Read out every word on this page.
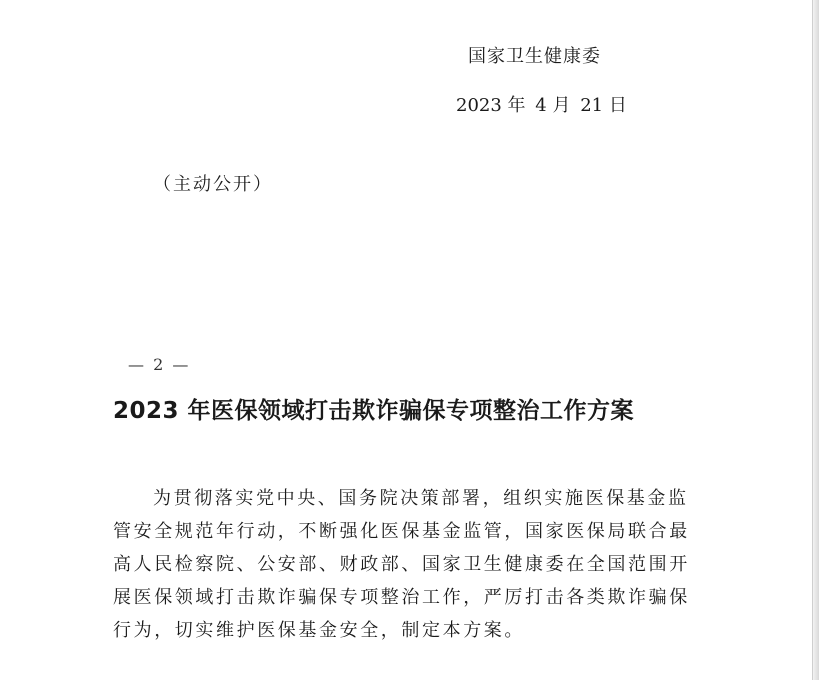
国家卫生健康委
2023 年 4 月 21 日
（主动公开）
— 2 —
2023 年医保领域打击欺诈骗保专项整治工作方案
为贯彻落实党中央、国务院决策部署，组织实施医保基金监
管安全规范年行动，不断强化医保基金监管，国家医保局联合最
高人民检察院、公安部、财政部、国家卫生健康委在全国范围开
展医保领域打击欺诈骗保专项整治工作，严厉打击各类欺诈骗保
行为，切实维护医保基金安全，制定本方案。
